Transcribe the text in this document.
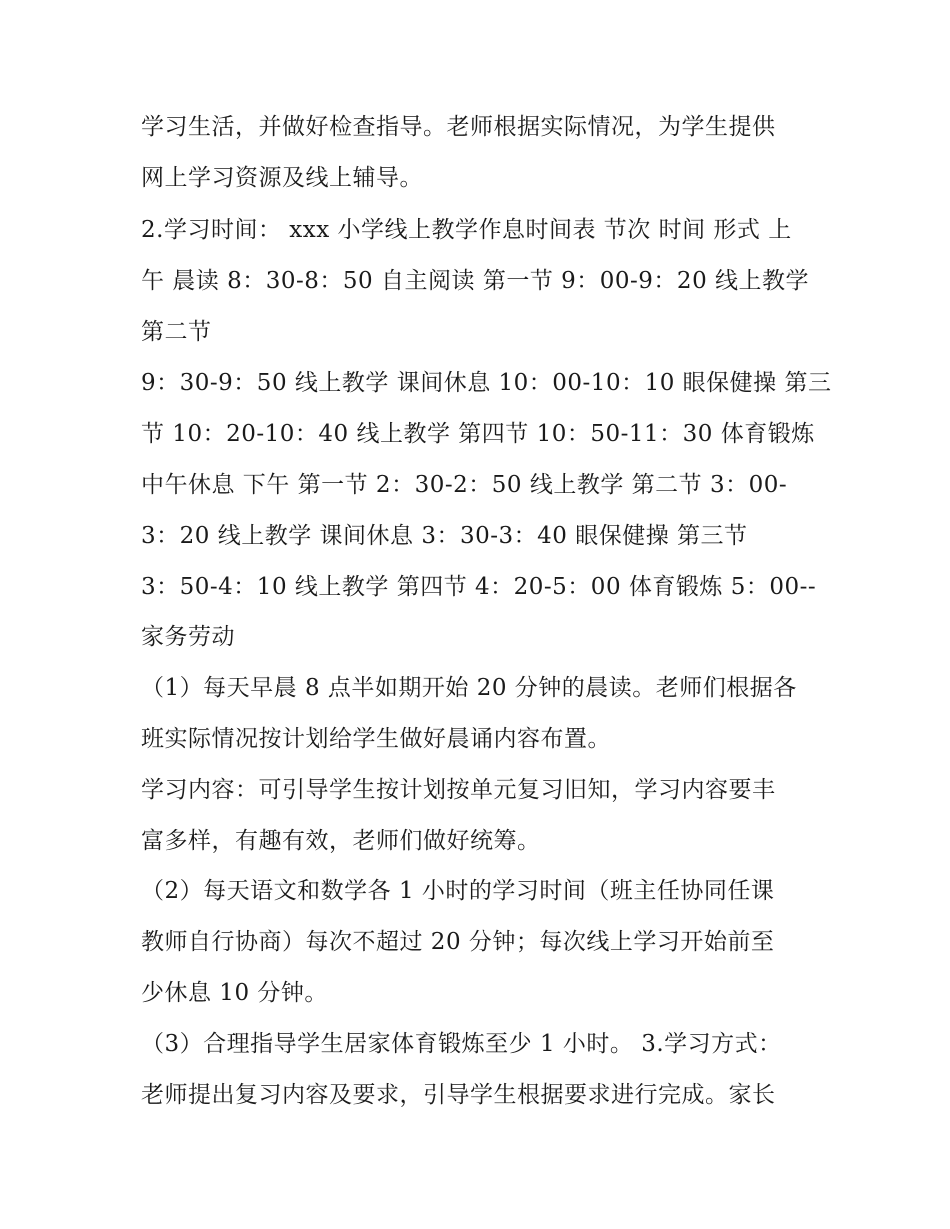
学习生活，并做好检查指导。老师根据实际情况，为学生提供
网上学习资源及线上辅导。
2.学习时间： xxx 小学线上教学作息时间表 节次 时间 形式 上
午 晨读 8：30-8：50 自主阅读 第一节 9：00-9：20 线上教学
第二节
9：30-9：50 线上教学 课间休息 10：00-10：10 眼保健操 第三
节 10：20-10：40 线上教学 第四节 10：50-11：30 体育锻炼
中午休息 下午 第一节 2：30-2：50 线上教学 第二节 3：00-
3：20 线上教学 课间休息 3：30-3：40 眼保健操 第三节
3：50-4：10 线上教学 第四节 4：20-5：00 体育锻炼 5：00--
家务劳动
（1）每天早晨 8 点半如期开始 20 分钟的晨读。老师们根据各
班实际情况按计划给学生做好晨诵内容布置。
学习内容：可引导学生按计划按单元复习旧知，学习内容要丰
富多样，有趣有效，老师们做好统筹。
（2）每天语文和数学各 1 小时的学习时间（班主任协同任课
教师自行协商）每次不超过 20 分钟；每次线上学习开始前至
少休息 10 分钟。
（3）合理指导学生居家体育锻炼至少 1 小时。 3.学习方式：
老师提出复习内容及要求，引导学生根据要求进行完成。家长
